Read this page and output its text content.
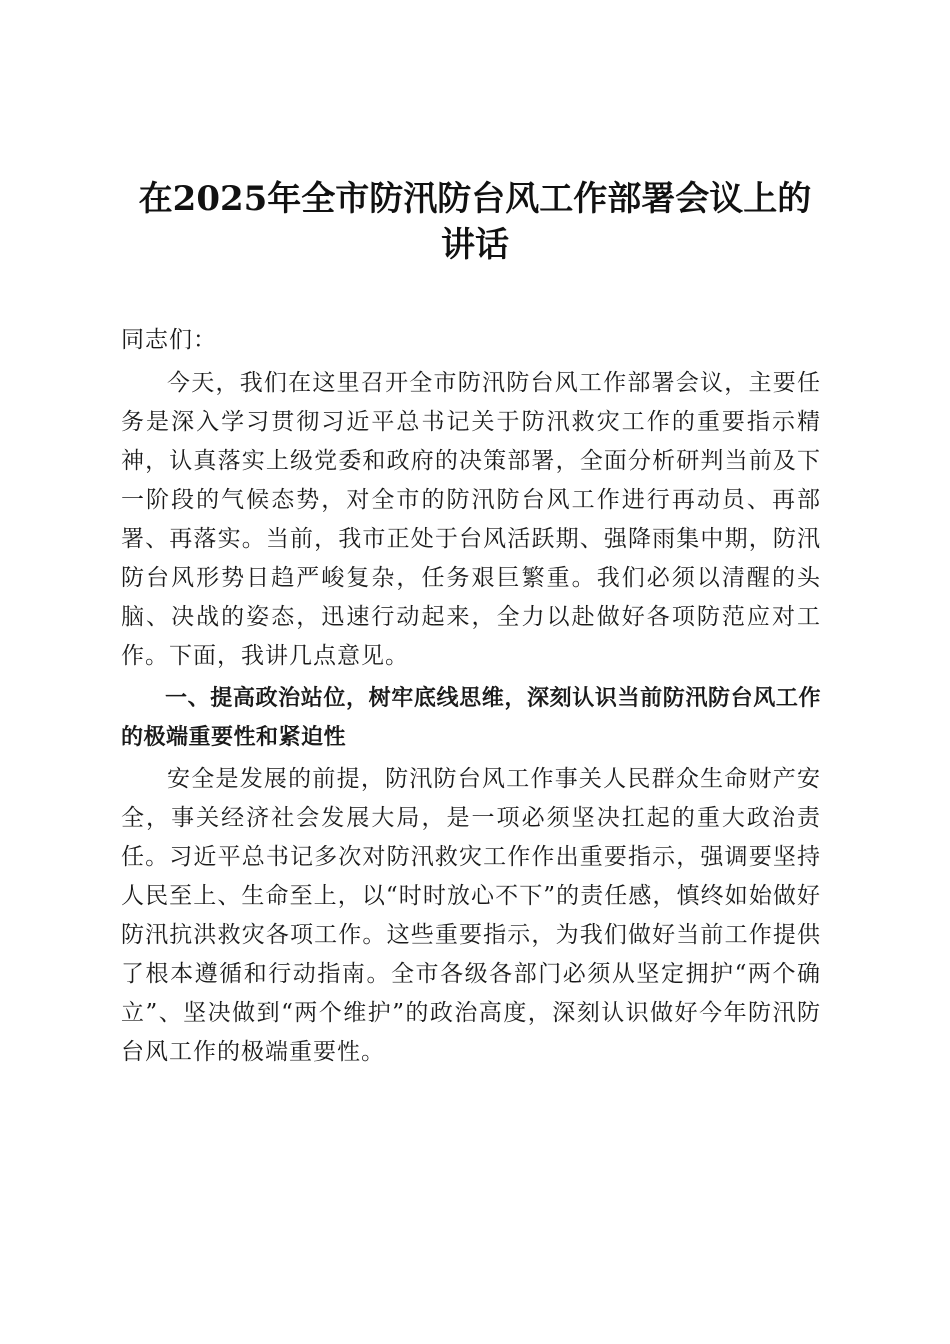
在2025年全市防汛防台风工作部署会议上的
讲话

同志们：

今天，我们在这里召开全市防汛防台风工作部署会议，主要任务是深入学习贯彻习近平总书记关于防汛救灾工作的重要指示精神，认真落实上级党委和政府的决策部署，全面分析研判当前及下一阶段的气候态势，对全市的防汛防台风工作进行再动员、再部署、再落实。当前，我市正处于台风活跃期、强降雨集中期，防汛防台风形势日趋严峻复杂，任务艰巨繁重。我们必须以清醒的头脑、决战的姿态，迅速行动起来，全力以赴做好各项防范应对工作。下面，我讲几点意见。

一、提高政治站位，树牢底线思维，深刻认识当前防汛防台风工作的极端重要性和紧迫性

安全是发展的前提，防汛防台风工作事关人民群众生命财产安全，事关经济社会发展大局，是一项必须坚决扛起的重大政治责任。习近平总书记多次对防汛救灾工作作出重要指示，强调要坚持人民至上、生命至上，以“时时放心不下”的责任感，慎终如始做好防汛抗洪救灾各项工作。这些重要指示，为我们做好当前工作提供了根本遵循和行动指南。全市各级各部门必须从坚定拥护“两个确立”、坚决做到“两个维护”的政治高度，深刻认识做好今年防汛防台风工作的极端重要性。
